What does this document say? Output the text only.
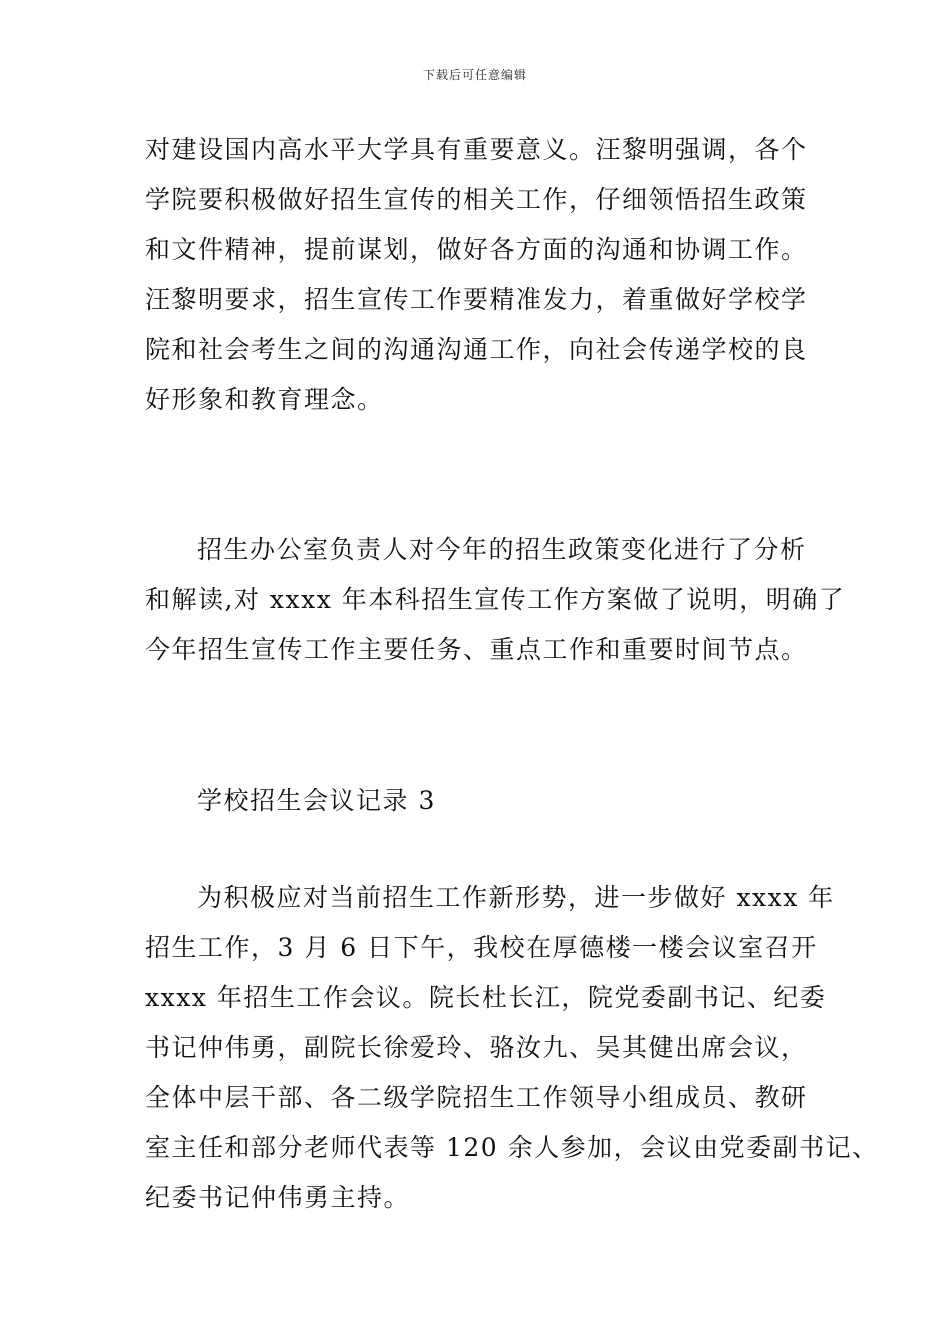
下载后可任意编辑
对建设国内高水平大学具有重要意义。汪黎明强调，各个
学院要积极做好招生宣传的相关工作，仔细领悟招生政策
和文件精神，提前谋划，做好各方面的沟通和协调工作。
汪黎明要求，招生宣传工作要精准发力，着重做好学校学
院和社会考生之间的沟通沟通工作，向社会传递学校的良
好形象和教育理念。
招生办公室负责人对今年的招生政策变化进行了分析
和解读,对 xxxx 年本科招生宣传工作方案做了说明，明确了
今年招生宣传工作主要任务、重点工作和重要时间节点。
学校招生会议记录 3
为积极应对当前招生工作新形势，进一步做好 xxxx 年
招生工作，3 月 6 日下午，我校在厚德楼一楼会议室召开
xxxx 年招生工作会议。院长杜长江，院党委副书记、纪委
书记仲伟勇，副院长徐爱玲、骆汝九、吴其健出席会议，
全体中层干部、各二级学院招生工作领导小组成员、教研
室主任和部分老师代表等 120 余人参加，会议由党委副书记、
纪委书记仲伟勇主持。
